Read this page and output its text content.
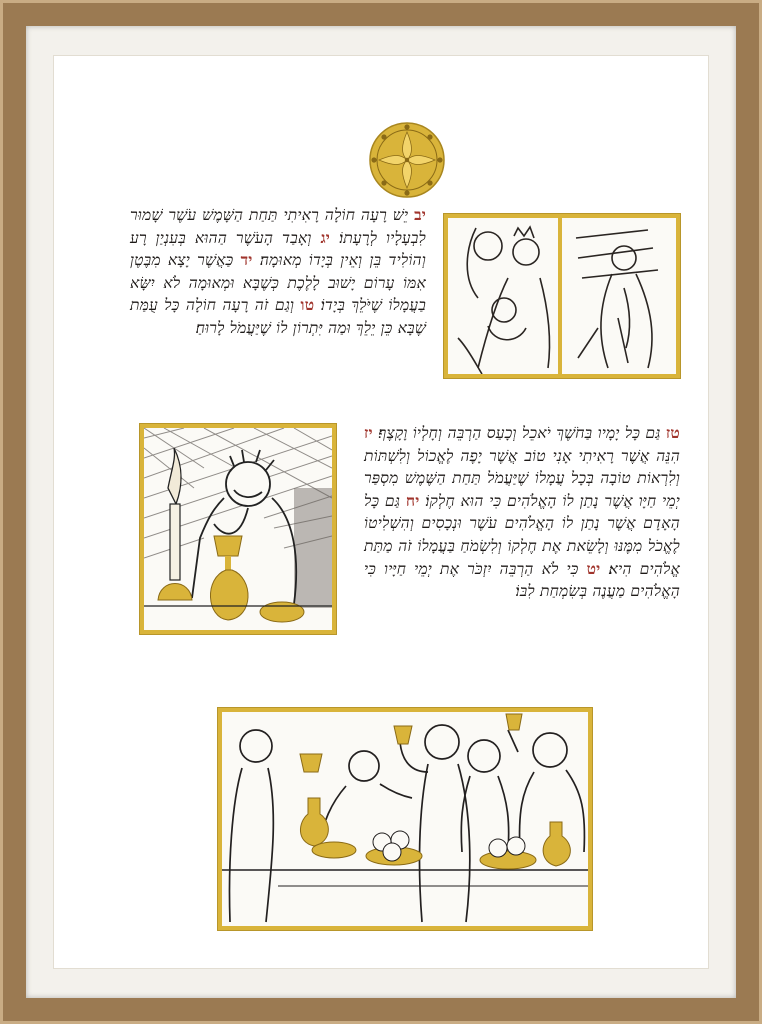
יב יֵשׁ רָעָה חוֹלָה רָאִיתִי תַּחַת הַשָּׁמֶשׁ עֹשֶׁר שָׁמוּר לִבְעָלָיו לְרָעָתוֹ׃ יג וְאָבַד הָעֹשֶׁר הַהוּא בְּעִנְיַן רָע וְהוֹלִיד בֵּן וְאֵין בְּיָדוֹ מְאוּמָה׃ יד כַּאֲשֶׁר יָצָא מִבֶּטֶן אִמּוֹ עָרוֹם יָשׁוּב לָלֶכֶת כְּשֶׁבָּא וּמְאוּמָה לֹא יִשָּׂא בַעֲמָלוֹ שֶׁיֹּלֵךְ בְּיָדוֹ׃ טו וְגַם זֹה רָעָה חוֹלָה כָּל עֻמַּת שֶׁבָּא כֵּן יֵלֵךְ וּמַה יִּתְרוֹן לוֹ שֶׁיַּעֲמֹל לָרוּחַ׃
טז גַּם כָּל יָמָיו בַּחֹשֶׁךְ יֹאכֵל וְכָעַס הַרְבֵּה וְחָלְיוֹ וָקָצֶף׃ יז הִנֵּה אֲשֶׁר רָאִיתִי אָנִי טוֹב אֲשֶׁר יָפֶה לֶאֱכוֹל וְלִשְׁתּוֹת וְלִרְאוֹת טוֹבָה בְּכָל עֲמָלוֹ שֶׁיַּעֲמֹל תַּחַת הַשֶּׁמֶשׁ מִסְפַּר יְמֵי חַיָּו אֲשֶׁר נָתַן לוֹ הָאֱלֹהִים כִּי הוּא חֶלְקוֹ׃ יח גַּם כָּל הָאָדָם אֲשֶׁר נָתַן לוֹ הָאֱלֹהִים עֹשֶׁר וּנְכָסִים וְהִשְׁלִיטוֹ לֶאֱכֹל מִמֶּנּוּ וְלָשֵׂאת אֶת חֶלְקוֹ וְלִשְׂמֹחַ בַּעֲמָלוֹ זֹה מַתַּת אֱלֹהִים הִיא׃ יט כִּי לֹא הַרְבֵּה יִזְכֹּר אֶת יְמֵי חַיָּיו כִּי הָאֱלֹהִים מַעֲנֶה בְּשִׂמְחַת לִבּוֹ׃
